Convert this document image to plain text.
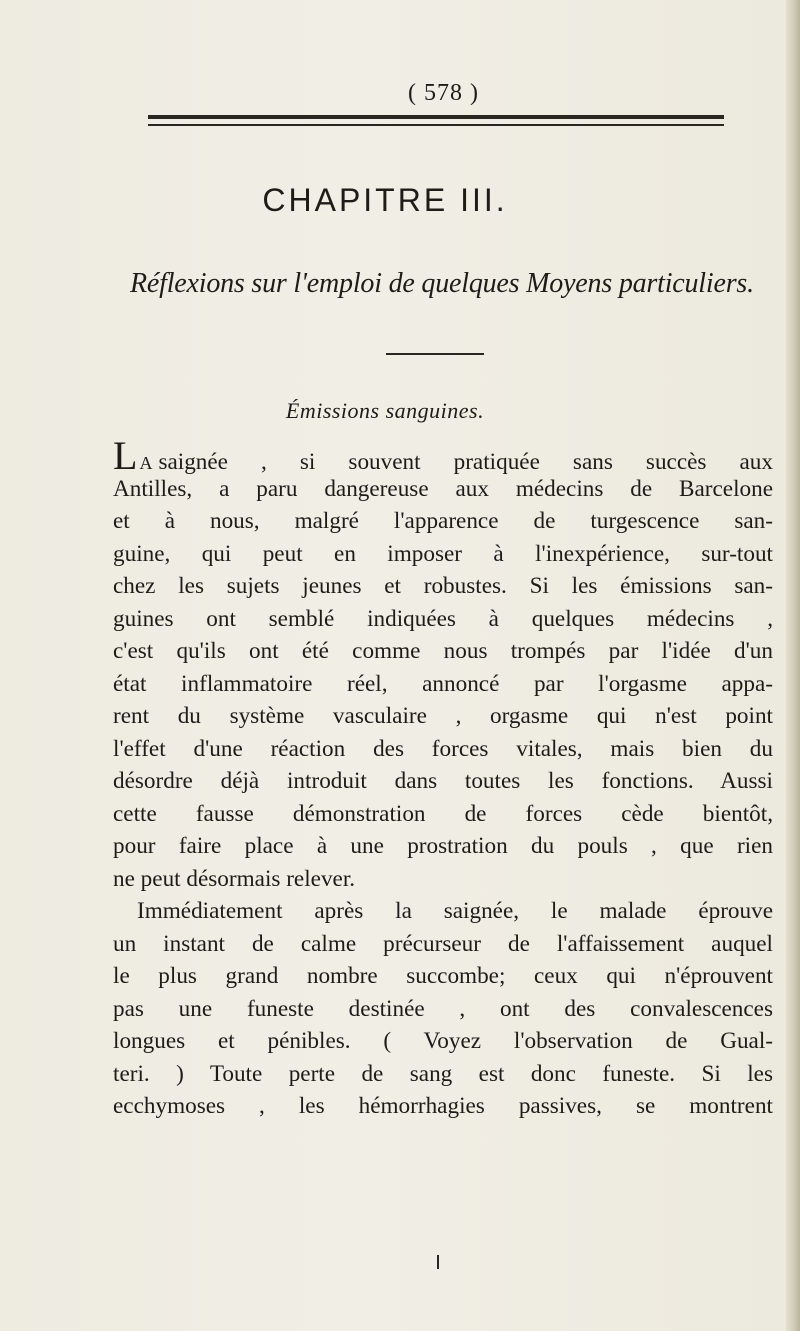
( 578 )
CHAPITRE III.
Réflexions sur l'emploi de quelques Moyens particuliers.
Émissions sanguines.
L A saignée , si souvent pratiquée sans succès aux
Antilles, a paru dangereuse aux médecins de Barcelone
et à nous, malgré l'apparence de turgescence san-
guine, qui peut en imposer à l'inexpérience, sur-tout
chez les sujets jeunes et robustes. Si les émissions san-
guines ont semblé indiquées à quelques médecins ,
c'est qu'ils ont été comme nous trompés par l'idée d'un
état inflammatoire réel, annoncé par l'orgasme appa-
rent du système vasculaire , orgasme qui n'est point
l'effet d'une réaction des forces vitales, mais bien du
désordre déjà introduit dans toutes les fonctions. Aussi
cette fausse démonstration de forces cède bientôt,
pour faire place à une prostration du pouls , que rien
ne peut désormais relever.
Immédiatement après la saignée, le malade éprouve
un instant de calme précurseur de l'affaissement auquel
le plus grand nombre succombe; ceux qui n'éprouvent
pas une funeste destinée , ont des convalescences
longues et pénibles. ( Voyez l'observation de Gual-
teri. ) Toute perte de sang est donc funeste. Si les
ecchymoses , les hémorrhagies passives, se montrent
